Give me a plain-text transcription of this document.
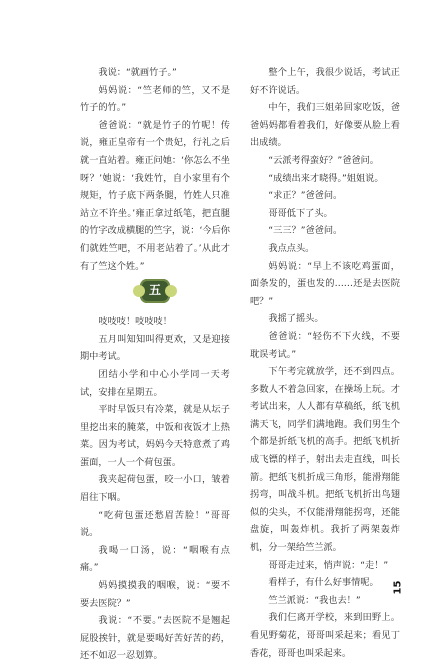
我说：“就画竹子。”

妈妈说：“竺老师的竺，又不是竹子的竹。”

爸爸说：“就是竹子的竹呢！传说，雍正皇帝有一个贵妃，行礼之后就一直站着。雍正问她：‘你怎么不坐呀？’她说：‘我姓竹，自小家里有个规矩，竹子底下两条腿，竹姓人只准站立不许坐。’雍正拿过纸笔，把直腿的竹字改成横腿的竺字，说：‘今后你们就姓竺吧，不用老站着了。’从此才有了竺这个姓。”

五

吱吱吱！吱吱吱！

五月叫知知叫得更欢，又是迎接期中考试。

团结小学和中心小学同一天考试，安排在星期五。

平时早饭只有冷菜，就是从坛子里挖出来的腌菜，中饭和夜饭才上热菜。因为考试，妈妈今天特意煮了鸡蛋面，一人一个荷包蛋。

我夹起荷包蛋，咬一小口，皱着眉往下咽。

“吃荷包蛋还愁眉苦脸！”哥哥说。

我喝一口汤，说：“咽喉有点痛。”

妈妈摸摸我的咽喉，说：“要不要去医院？”

我说：“不要。”去医院不是翘起屁股挨针，就是要喝好苦好苦的药，还不如忍一忍划算。

整个上午，我很少说话，考试正好不许说话。

中午，我们三姐弟回家吃饭，爸爸妈妈都看着我们，好像要从脸上看出成绩。

“云派考得蛮好？”爸爸问。

“成绩出来才晓得。”姐姐说。

“求正？”爸爸问。

哥哥低下了头。

“三三？”爸爸问。

我点点头。

妈妈说：“早上不该吃鸡蛋面，面条发的，蛋也发的……还是去医院吧？”

我摇了摇头。

爸爸说：“轻伤不下火线，不要耽误考试。”

下午考完就放学，还不到四点。多数人不着急回家，在操场上玩。才考试出来，人人都有草稿纸，纸飞机满天飞，同学们满地跑。我们男生个个都是折纸飞机的高手。把纸飞机折成飞镖的样子，射出去走直线，叫长箭。把纸飞机折成三角形，能滑翔能拐弯，叫战斗机。把纸飞机折出鸟翅似的尖头，不仅能滑翔能拐弯，还能盘旋，叫轰炸机。我折了两架轰炸机，分一架给竺兰派。

哥哥走过来，悄声说：“走！”

看样子，有什么好事情呢。

竺兰派说：“我也去！”

我们仨离开学校，来到田野上。看见野菊花，哥哥叫采起来；看见丁香花，哥哥也叫采起来。

15
